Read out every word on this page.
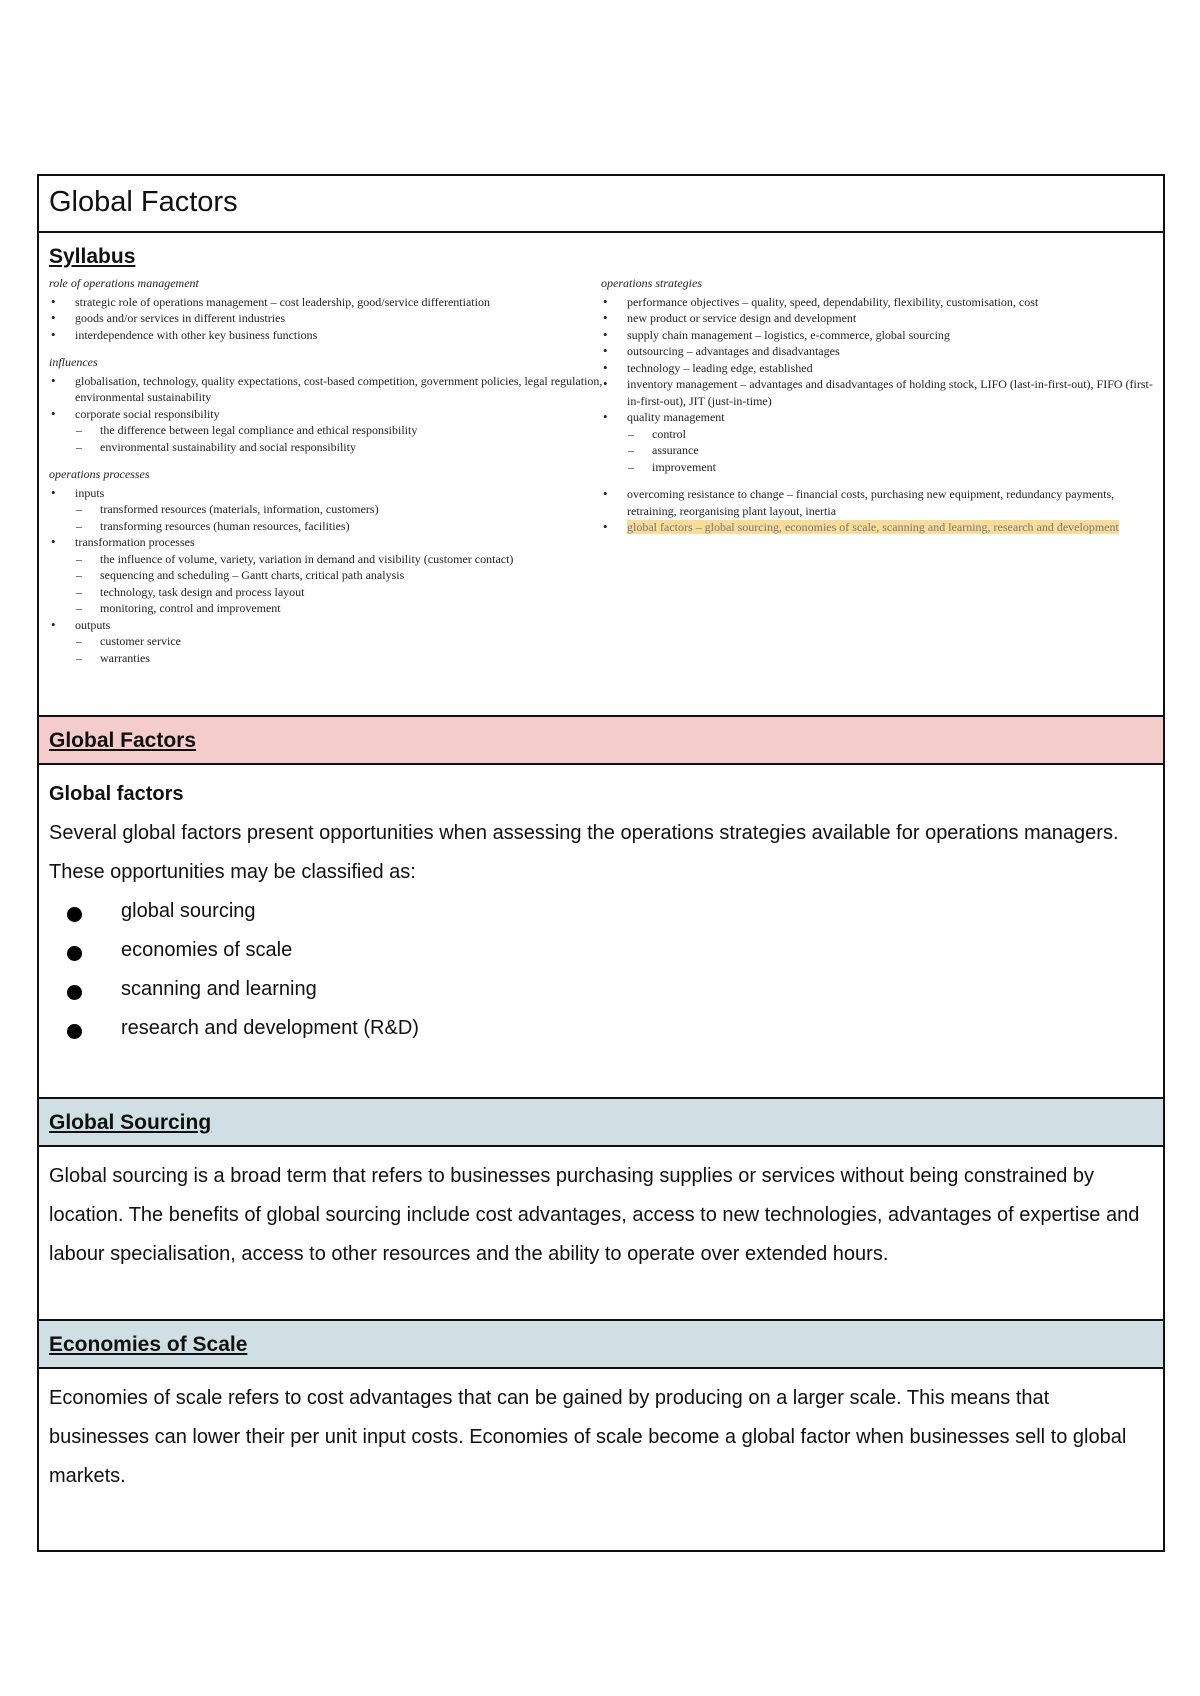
Global Factors
Syllabus
role of operations management
• strategic role of operations management – cost leadership, good/service differentiation
• goods and/or services in different industries
• interdependence with other key business functions
influences
• globalisation, technology, quality expectations, cost-based competition, government policies, legal regulation, environmental sustainability
• corporate social responsibility
– the difference between legal compliance and ethical responsibility
– environmental sustainability and social responsibility
operations processes
• inputs
– transformed resources (materials, information, customers)
– transforming resources (human resources, facilities)
• transformation processes
– the influence of volume, variety, variation in demand and visibility (customer contact)
– sequencing and scheduling – Gantt charts, critical path analysis
– technology, task design and process layout
– monitoring, control and improvement
• outputs
– customer service
– warranties
operations strategies
• performance objectives – quality, speed, dependability, flexibility, customisation, cost
• new product or service design and development
• supply chain management – logistics, e-commerce, global sourcing
• outsourcing – advantages and disadvantages
• technology – leading edge, established
• inventory management – advantages and disadvantages of holding stock, LIFO (last-in-first-out), FIFO (first-in-first-out), JIT (just-in-time)
• quality management
– control
– assurance
– improvement
• overcoming resistance to change – financial costs, purchasing new equipment, redundancy payments, retraining, reorganising plant layout, inertia
• global factors – global sourcing, economies of scale, scanning and learning, research and development
Global Factors

Global factors

Several global factors present opportunities when assessing the operations strategies available for operations managers. These opportunities may be classified as:

global sourcing
economies of scale
scanning and learning
research and development (R&D)
Global Sourcing

Global sourcing is a broad term that refers to businesses purchasing supplies or services without being constrained by location. The benefits of global sourcing include cost advantages, access to new technologies, advantages of expertise and labour specialisation, access to other resources and the ability to operate over extended hours.

Economies of Scale

Economies of scale refers to cost advantages that can be gained by producing on a larger scale. This means that businesses can lower their per unit input costs. Economies of scale become a global factor when businesses sell to global markets.
